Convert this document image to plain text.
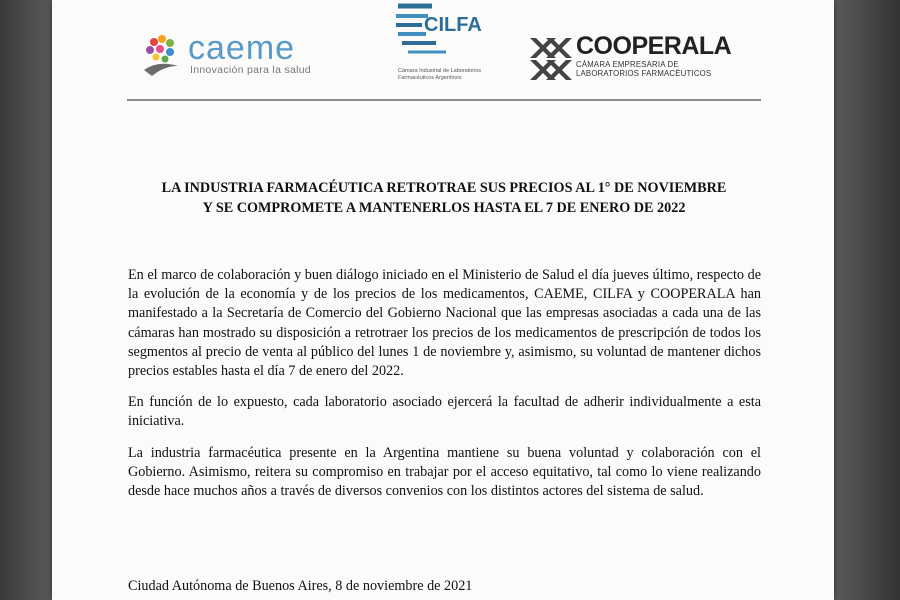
caeme
Innovación para la salud
CILFA
Cámara Industrial de Laboratorios
Farmacéuticos Argentinos
COOPERALA
CÁMARA EMPRESARIA DE
LABORATORIOS FARMACÉUTICOS
LA INDUSTRIA FARMACÉUTICA RETROTRAE SUS PRECIOS AL 1° DE NOVIEMBRE
Y SE COMPROMETE A MANTENERLOS HASTA EL 7 DE ENERO DE 2022

En el marco de colaboración y buen diálogo iniciado en el Ministerio de Salud el día jueves último, respecto de la evolución de la economía y de los precios de los medicamentos, CAEME, CILFA y COOPERALA han manifestado a la Secretaría de Comercio del Gobierno Nacional que las empresas asociadas a cada una de las cámaras han mostrado su disposición a retrotraer los precios de los medicamentos de prescripción de todos los segmentos al precio de venta al público del lunes 1 de noviembre y, asimismo, su voluntad de mantener dichos precios estables hasta el día 7 de enero del 2022.

En función de lo expuesto, cada laboratorio asociado ejercerá la facultad de adherir individualmente a esta iniciativa.

La industria farmacéutica presente en la Argentina mantiene su buena voluntad y colaboración con el Gobierno. Asimismo, reitera su compromiso en trabajar por el acceso equitativo, tal como lo viene realizando desde hace muchos años a través de diversos convenios con los distintos actores del sistema de salud.

Ciudad Autónoma de Buenos Aires, 8 de noviembre de 2021
